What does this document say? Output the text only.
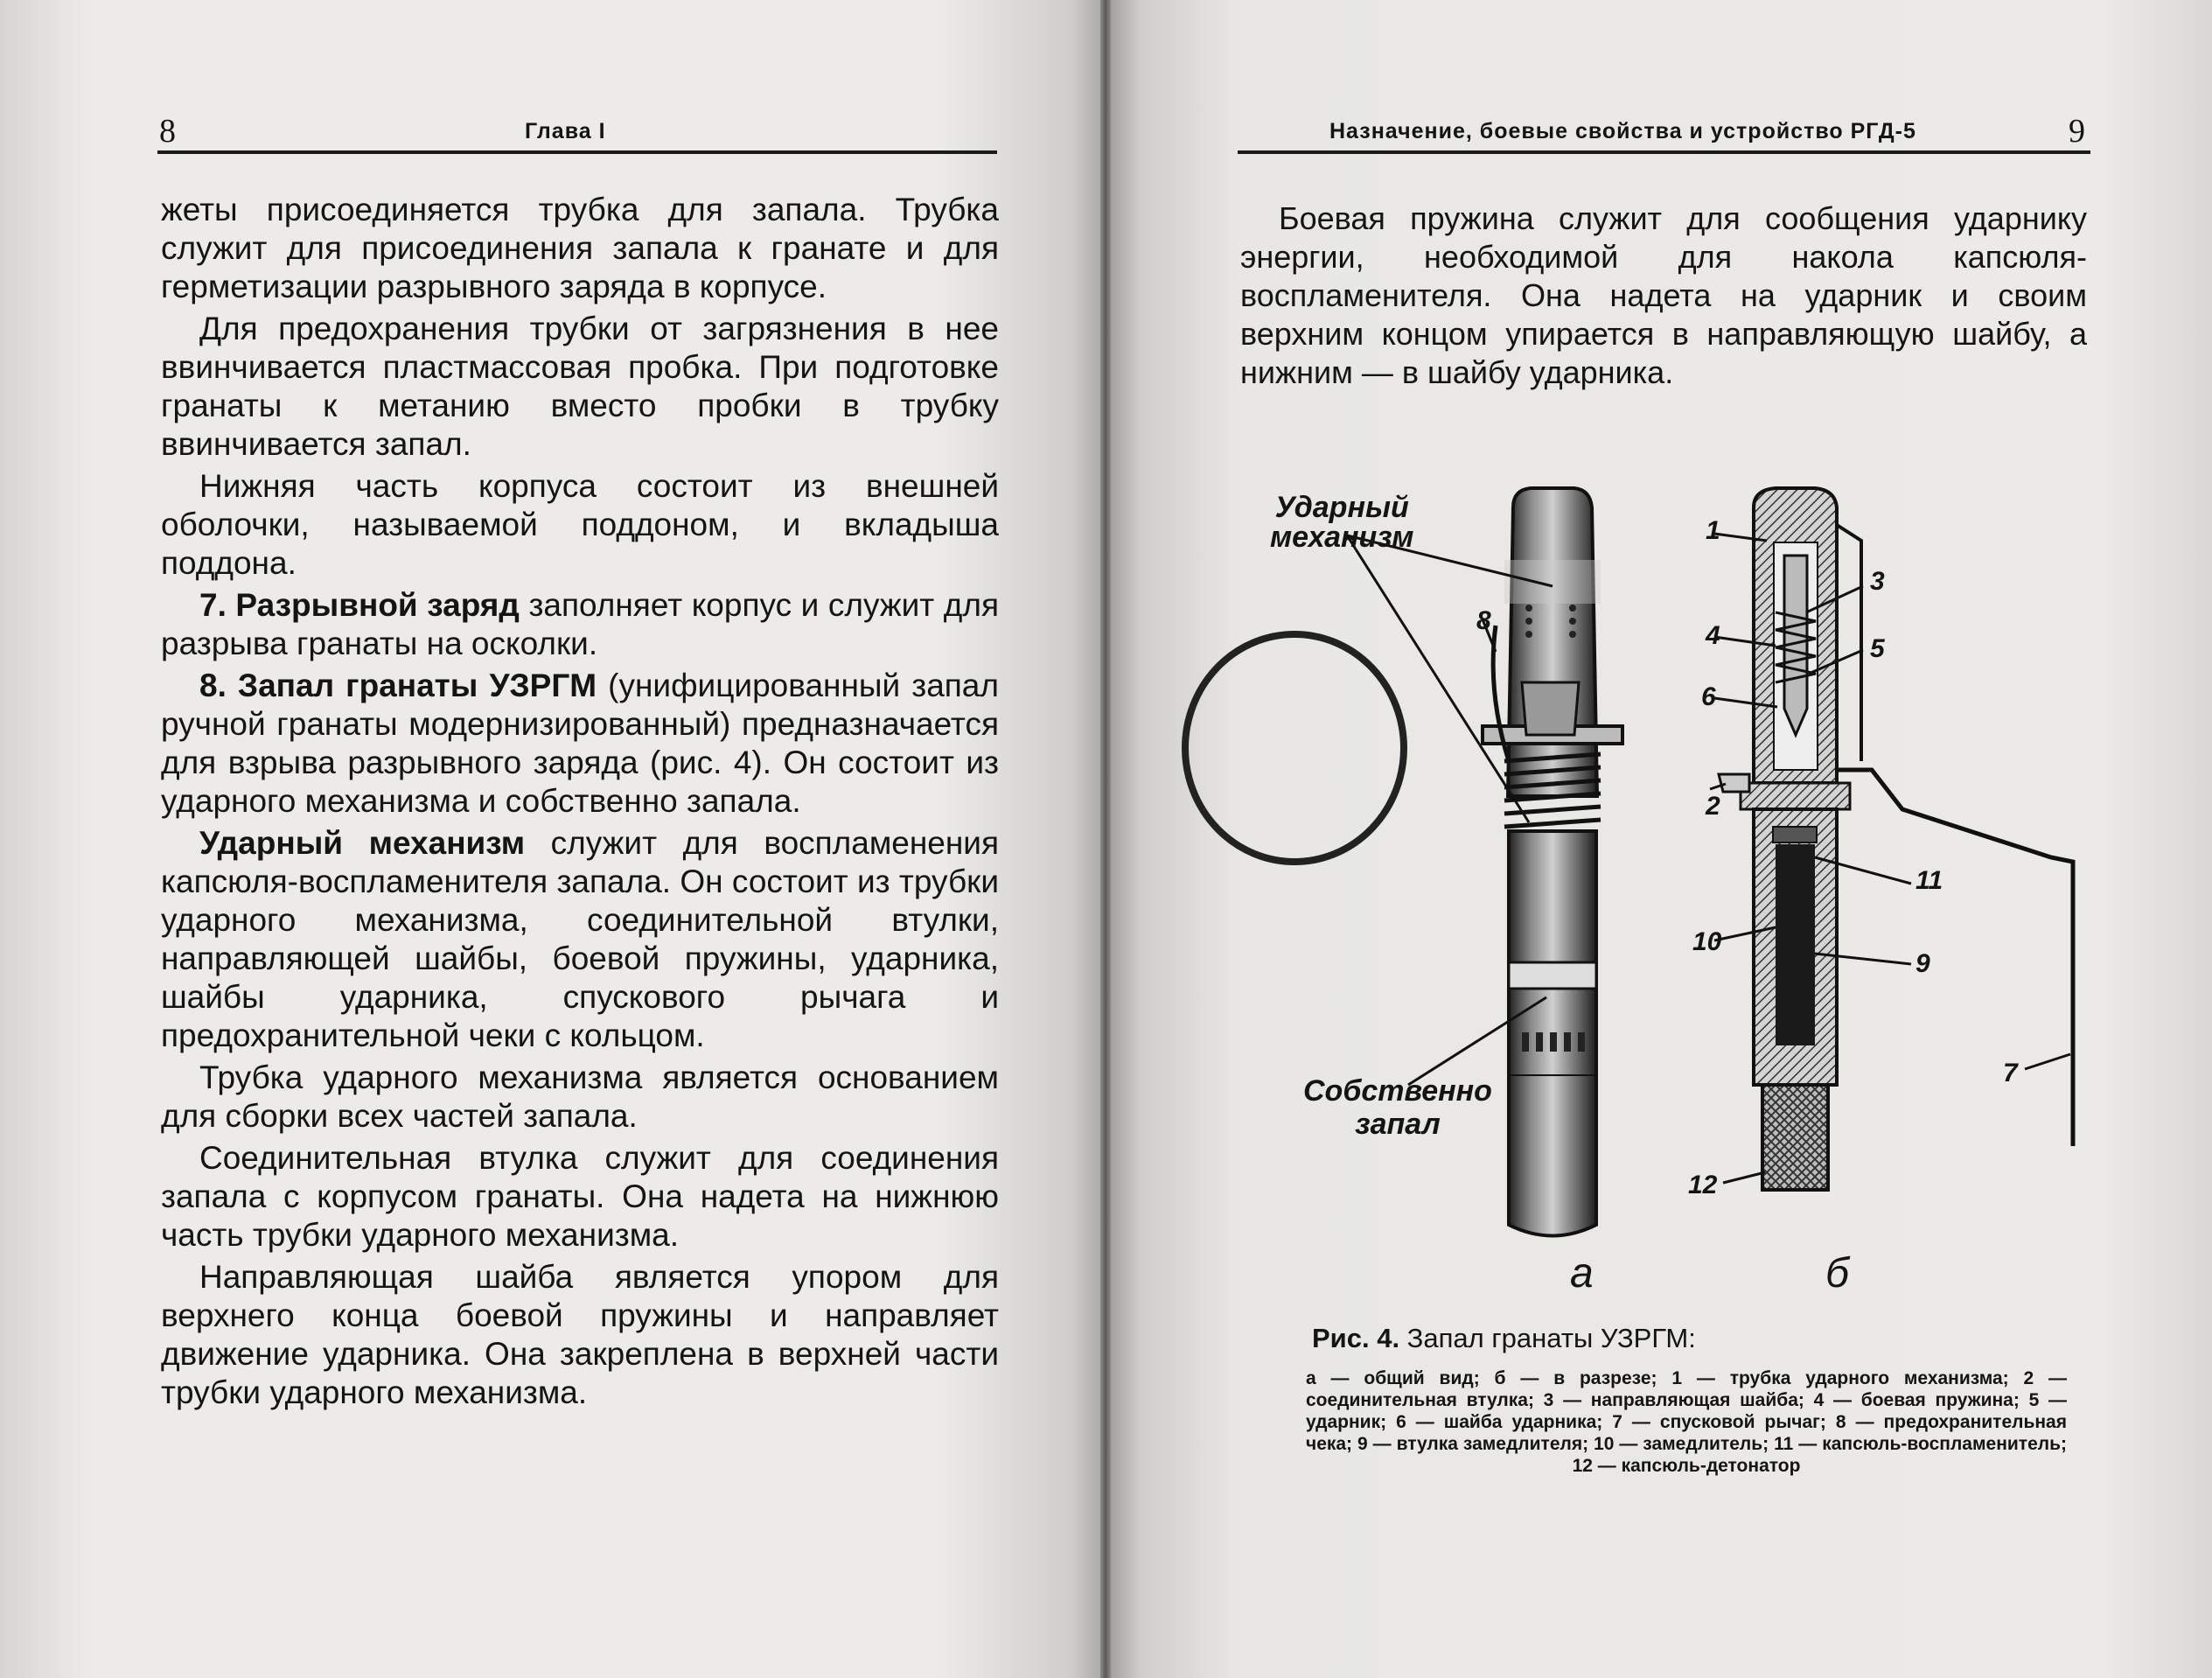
8	Глава I

жеты присоединяется трубка для запала. Трубка служит для присоединения запала к гранате и для герметизации разрывного заряда в корпусе.

Для предохранения трубки от загрязнения в нее ввинчивается пластмассовая пробка. При подготовке гранаты к метанию вместо пробки в трубку ввинчивается запал.

Нижняя часть корпуса состоит из внешней оболочки, называемой поддоном, и вкладыша поддона.

7. Разрывной заряд заполняет корпус и служит для разрыва гранаты на осколки.

8. Запал гранаты УЗРГМ (унифицированный запал ручной гранаты модернизированный) предназначается для взрыва разрывного заряда (рис. 4). Он состоит из ударного механизма и собственно запала.

Ударный механизм служит для воспламенения капсюля-воспламенителя запала. Он состоит из трубки ударного механизма, соединительной втулки, направляющей шайбы, боевой пружины, ударника, шайбы ударника, спускового рычага и предохранительной чеки с кольцом.

Трубка ударного механизма является основанием для сборки всех частей запала.

Соединительная втулка служит для соединения запала с корпусом гранаты. Она надета на нижнюю часть трубки ударного механизма.

Направляющая шайба является упором для верхнего конца боевой пружины и направляет движение ударника. Она закреплена в верхней части трубки ударного механизма.

Назначение, боевые свойства и устройство РГД-5	9

Боевая пружина служит для сообщения ударнику энергии, необходимой для накола капсюля-воспламенителя. Она надета на ударник и своим верхним концом упирается в направляющую шайбу, а нижним — в шайбу ударника.

Ударный
механизм
Собственно
запал
а	б
1
2
3
4	5
6
7
8
9
10
11
12
Рис. 4. Запал гранаты УЗРГМ:
а — общий вид; б — в разрезе; 1 — трубка ударного механизма; 2 — соединительная втулка; 3 — направляющая шайба; 4 — боевая пружина; 5 — ударник; 6 — шайба ударника; 7 — спусковой рычаг; 8 — предохранительная чека; 9 — втулка замедлителя; 10 — замедлитель; 11 — капсюль-воспламенитель; 12 — капсюль-детонатор
